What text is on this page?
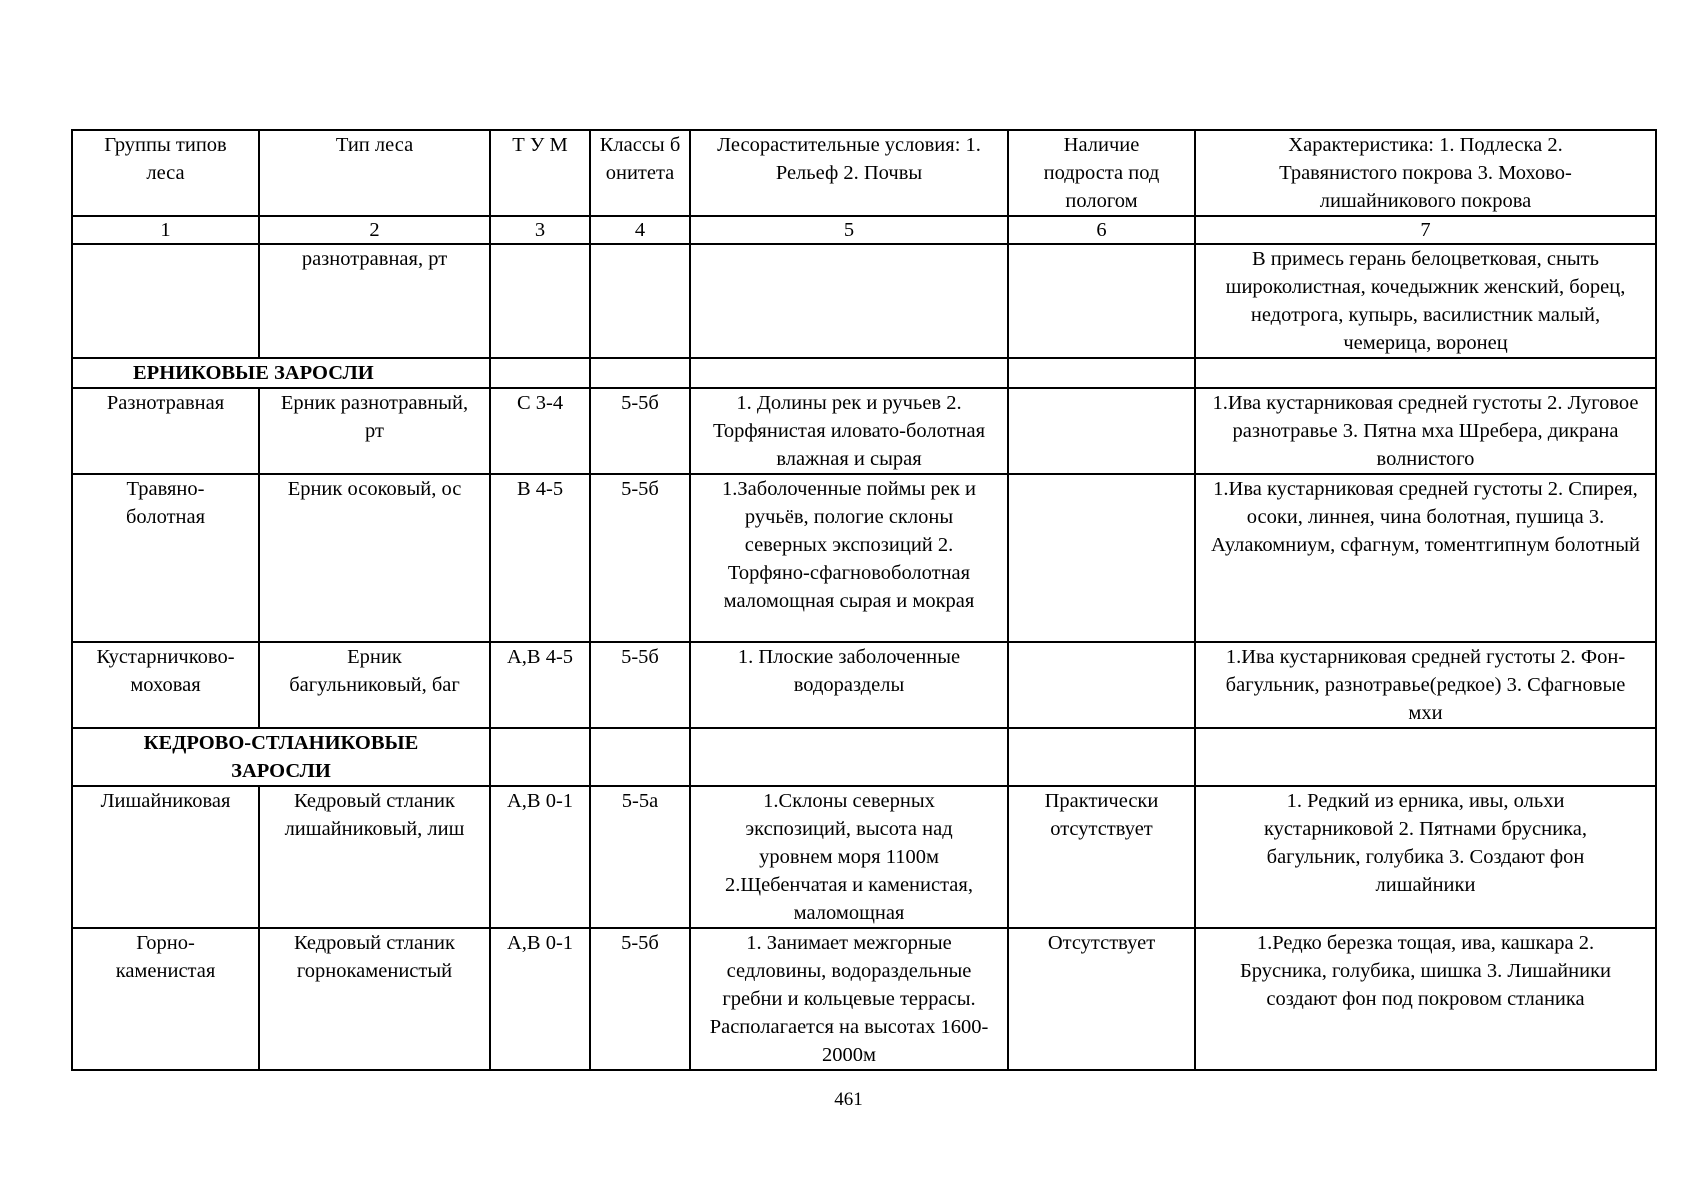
Группы типов леса	Тип леса	Т У М	Классы бонитета	Лесорастительные условия: 1. Рельеф 2. Почвы	Наличие подроста под пологом	Характеристика: 1. Подлеска 2. Травянистого покрова 3. Мохово-лишайникового покрова
1	2	3	4	5	6	7
	разнотравная, рт					В примесь герань белоцветковая, сныть широколистная, кочедыжник женский, борец, недотрога, купырь, василистник малый, чемерица, воронец
ЕРНИКОВЫЕ ЗАРОСЛИ						
Разнотравная	Ерник разнотравный, рт	С 3-4	5-5б	1. Долины рек и ручьев 2. Торфянистая иловато-болотная влажная и сырая		1.Ива кустарниковая средней густоты 2. Луговое разнотравье 3. Пятна мха Шребера, дикрана волнистого
Травяно-болотная	Ерник осоковый, ос	В 4-5	5-5б	1.Заболоченные поймы рек и ручьёв, пологие склоны северных экспозиций 2. Торфяно-сфагновоболотная маломощная сырая и мокрая		1.Ива кустарниковая средней густоты 2. Спирея, осоки, линнея, чина болотная, пушица 3. Аулакомниум, сфагнум, томентгипнум болотный
Кустарничково-моховая	Ерник багульниковый, баг	А,В 4-5	5-5б	1. Плоские заболоченные водоразделы		1.Ива кустарниковая средней густоты 2. Фон-багульник, разнотравье(редкое) 3. Сфагновые мхи
КЕДРОВО-СТЛАНИКОВЫЕ ЗАРОСЛИ						
Лишайниковая	Кедровый стланик лишайниковый, лиш	А,В 0-1	5-5а	1.Склоны северных экспозиций, высота над уровнем моря 1100м 2.Щебенчатая и каменистая, маломощная	Практически отсутствует	1. Редкий из ерника, ивы, ольхи кустарниковой 2. Пятнами брусника, багульник, голубика 3. Создают фон лишайники
Горно-каменистая	Кедровый стланик горнокаменистый	А,В 0-1	5-5б	1. Занимает межгорные седловины, водораздельные гребни и кольцевые террасы. Располагается на высотах 1600-2000м	Отсутствует	1.Редко березка тощая, ива, кашкара 2. Брусника, голубика, шишка 3. Лишайники создают фон под покровом стланика
461
